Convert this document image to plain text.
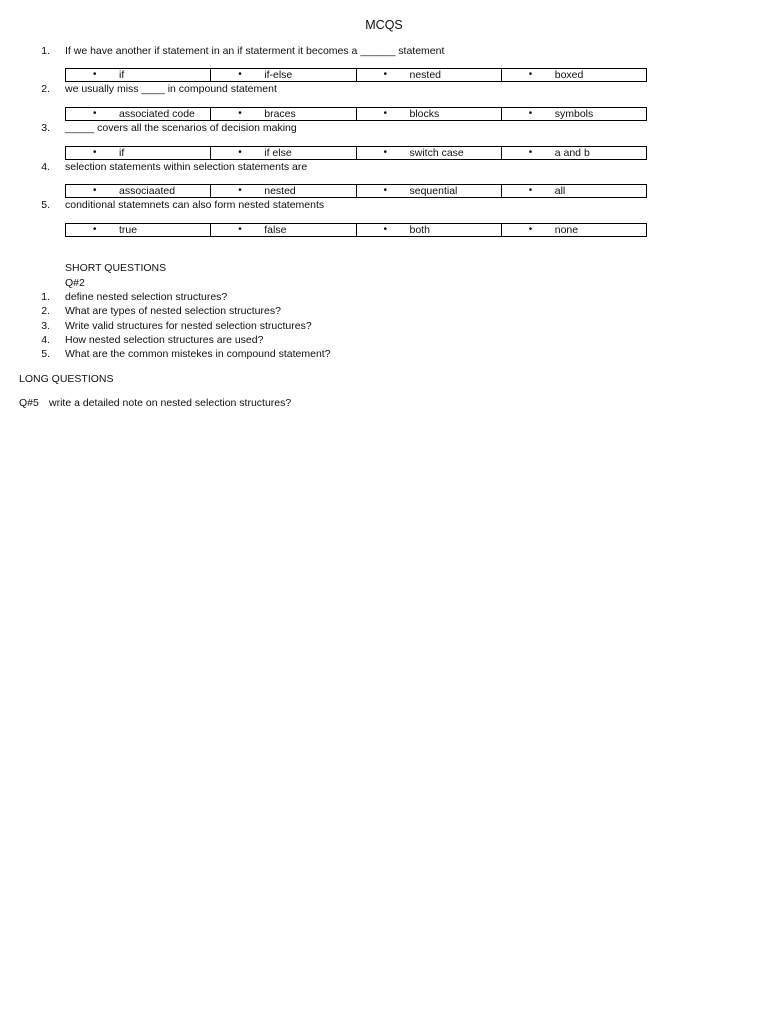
MCQS
1. If we have another if statement in an if staterment it becomes a ______ statement
• if	• if-else	• nested	• boxed
2. we usually miss ____ in compound statement
• associated code	• braces	• blocks	• symbols
3. _____ covers all the scenarios of decision making
• if	• if else	• switch case	• a and b
4. selection statements within selection statements are
• associaated	• nested	• sequential	• all
5. conditional statemnets can also form nested statements
• true	• false	• both	• none
SHORT QUESTIONS
Q#2
1. define nested selection structures?
2. What are types of nested selection structures?
3. Write valid structures for nested selection structures?
4. How nested selection structures are used?
5. What are the common mistekes in compound statement?
LONG QUESTIONS
Q#5 write a detailed note on nested selection structures?
